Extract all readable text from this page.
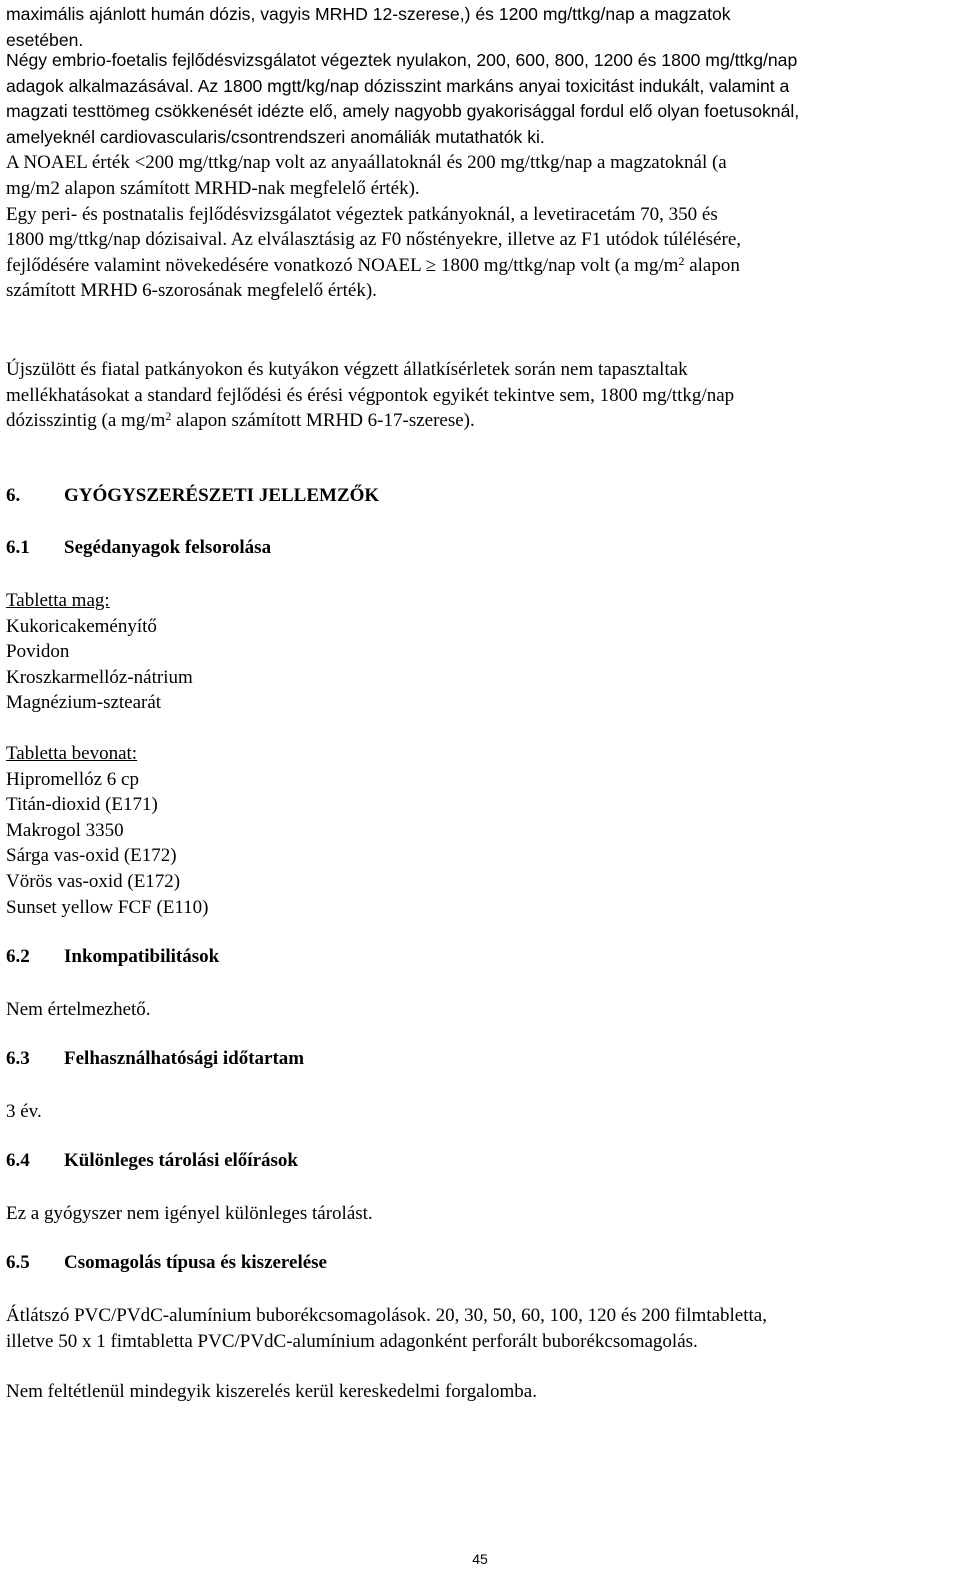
maximális ajánlott humán dózis, vagyis MRHD 12-szerese,) és 1200 mg/ttkg/nap a magzatok
esetében.
Négy embrio-foetalis fejlődésvizsgálatot végeztek nyulakon, 200, 600, 800, 1200 és 1800 mg/ttkg/nap
adagok alkalmazásával. Az 1800 mgtt/kg/nap dózisszint markáns anyai toxicitást indukált, valamint a
magzati testtömeg csökkenését idézte elő, amely nagyobb gyakorisággal fordul elő olyan foetusoknál,
amelyeknél cardiovascularis/csontrendszeri anomáliák mutathatók ki.
A NOAEL érték <200 mg/ttkg/nap volt az anyaállatoknál és 200 mg/ttkg/nap a magzatoknál (a
mg/m2 alapon számított MRHD-nak megfelelő érték).
Egy peri- és postnatalis fejlődésvizsgálatot végeztek patkányoknál, a levetiracetám 70, 350 és
1800 mg/ttkg/nap dózisaival. Az elválasztásig az F0 nőstényekre, illetve az F1 utódok túlélésére,
fejlődésére valamint növekedésére vonatkozó NOAEL ≥ 1800 mg/ttkg/nap volt (a $mg/m^2$ alapon
számított MRHD 6-szorosának megfelelő érték).
Újszülött és fiatal patkányokon és kutyákon végzett állatkísérletek során nem tapasztaltak
mellékhatásokat a standard fejlődési és érési végpontok egyikét tekintve sem, 1800 mg/ttkg/nap
dózisszintig (a $mg/m^2$ alapon számított MRHD 6-17-szerese).
6. GYÓGYSZERÉSZETI JELLEMZŐK
6.1 Segédanyagok felsorolása
Tabletta mag:
Kukoricakeményítő
Povidon
Kroszkarmellóz-nátrium
Magnézium-sztearát
Tabletta bevonat:
Hipromellóz 6 cp
Titán-dioxid (E171)
Makrogol 3350
Sárga vas-oxid (E172)
Vörös vas-oxid (E172)
Sunset yellow FCF (E110)
6.2 Inkompatibilitások
Nem értelmezhető.
6.3 Felhasználhatósági időtartam
3 év.
6.4 Különleges tárolási előírások
Ez a gyógyszer nem igényel különleges tárolást.
6.5 Csomagolás típusa és kiszerelése
Átlátszó PVC/PVdC-alumínium buborékcsomagolások. 20, 30, 50, 60, 100, 120 és 200 filmtabletta,
illetve 50 x 1 fimtabletta PVC/PVdC-alumínium adagonként perforált buborékcsomagolás.
Nem feltétlenül mindegyik kiszerelés kerül kereskedelmi forgalomba.
45
